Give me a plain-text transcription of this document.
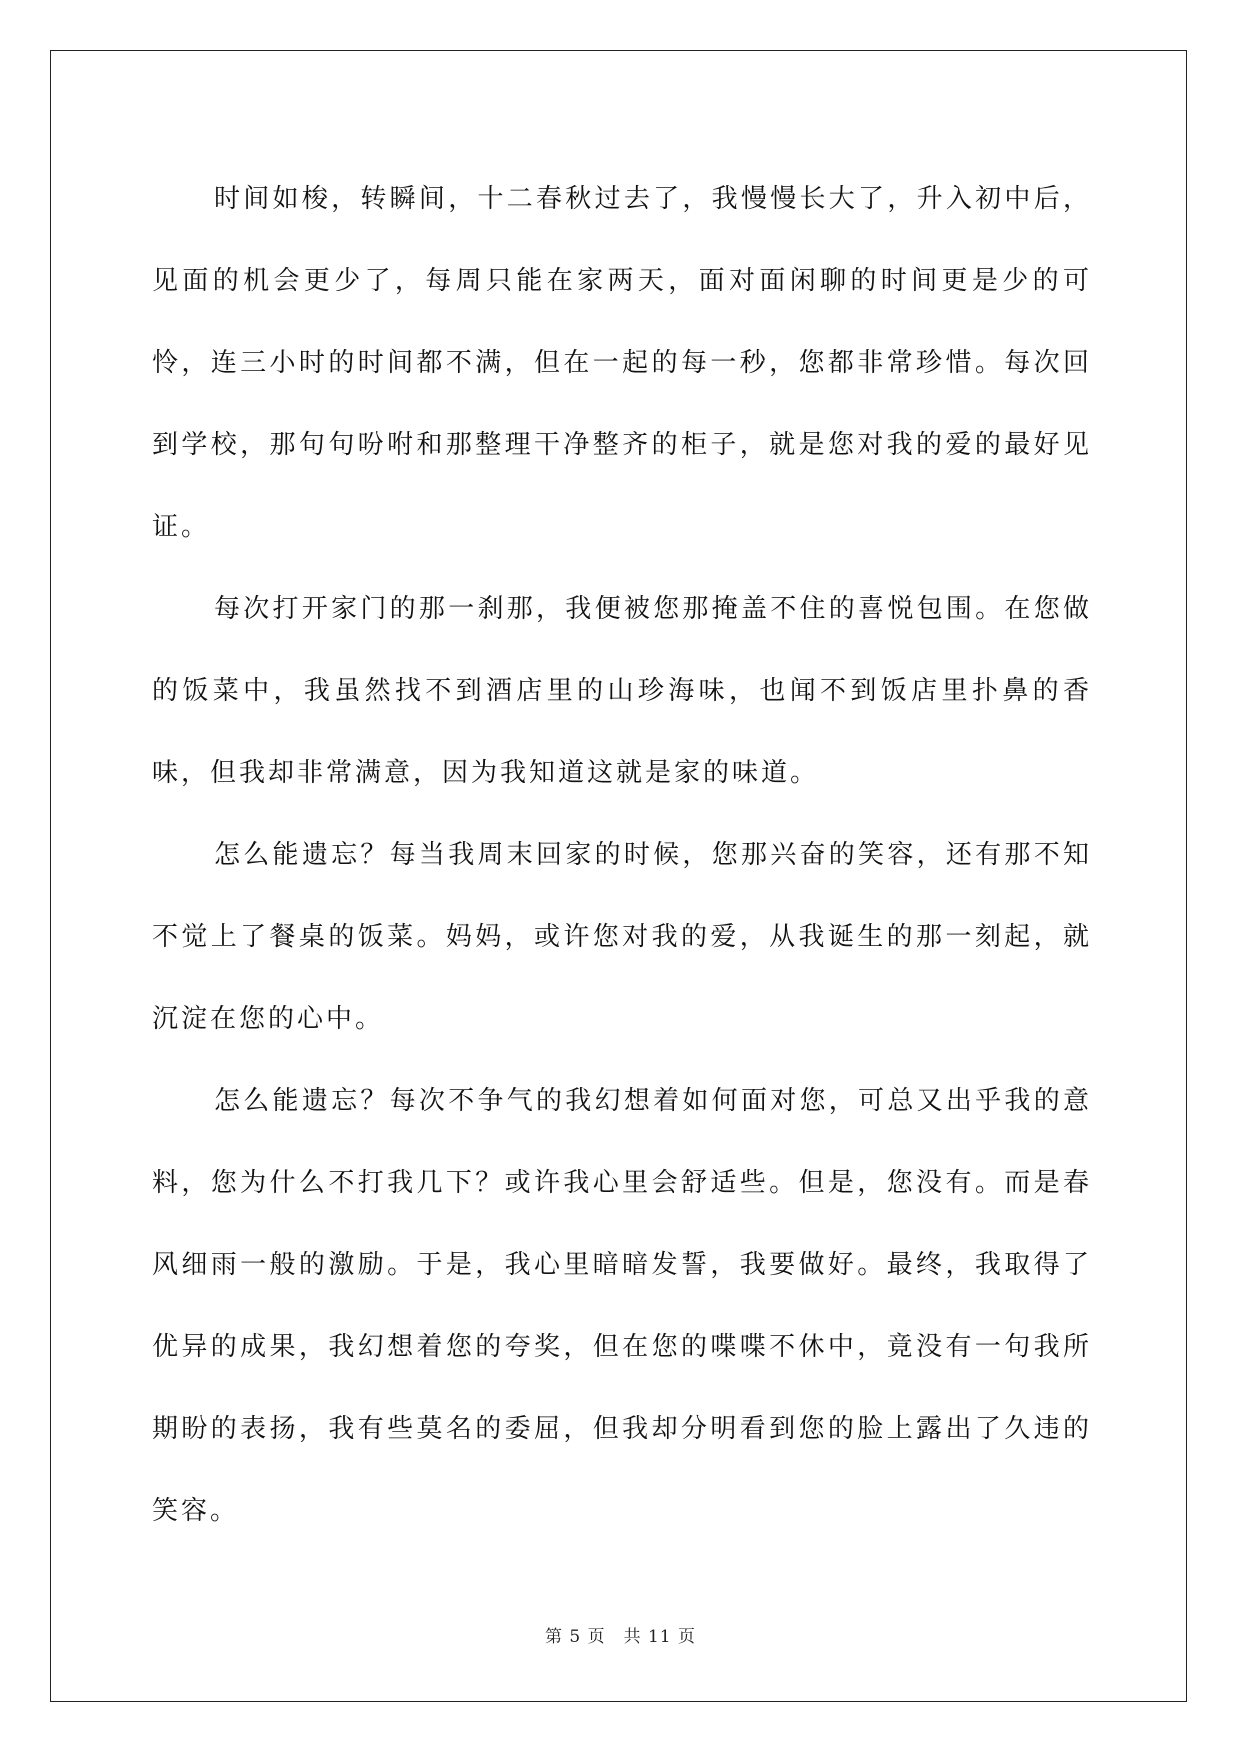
时间如梭，转瞬间，十二春秋过去了，我慢慢长大了，升入初中后，见面的机会更少了，每周只能在家两天，面对面闲聊的时间更是少的可怜，连三小时的时间都不满，但在一起的每一秒，您都非常珍惜。每次回到学校，那句句吩咐和那整理干净整齐的柜子，就是您对我的爱的最好见证。

每次打开家门的那一刹那，我便被您那掩盖不住的喜悦包围。在您做的饭菜中，我虽然找不到酒店里的山珍海味，也闻不到饭店里扑鼻的香味，但我却非常满意，因为我知道这就是家的味道。

怎么能遗忘？每当我周末回家的时候，您那兴奋的笑容，还有那不知不觉上了餐桌的饭菜。妈妈，或许您对我的爱，从我诞生的那一刻起，就沉淀在您的心中。

怎么能遗忘？每次不争气的我幻想着如何面对您，可总又出乎我的意料，您为什么不打我几下？或许我心里会舒适些。但是，您没有。而是春风细雨一般的激励。于是，我心里暗暗发誓，我要做好。最终，我取得了优异的成果，我幻想着您的夸奖，但在您的喋喋不休中，竟没有一句我所期盼的表扬，我有些莫名的委屈，但我却分明看到您的脸上露出了久违的笑容。

第 5 页　共 11 页
